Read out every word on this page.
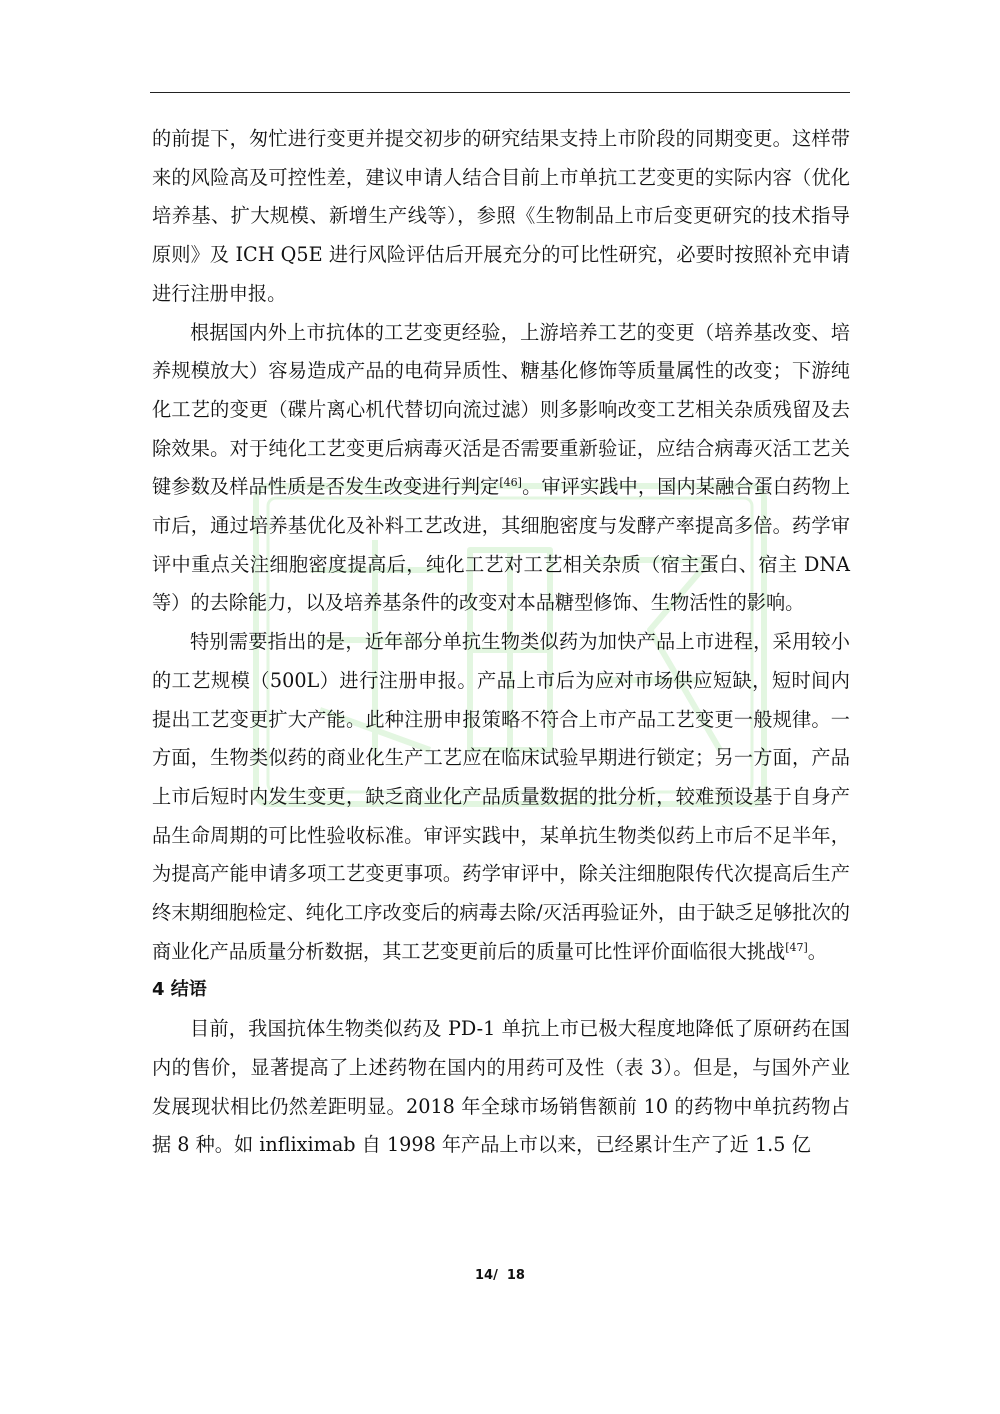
的前提下，匆忙进行变更并提交初步的研究结果支持上市阶段的同期变更。这样带来的风险高及可控性差，建议申请人结合目前上市单抗工艺变更的实际内容（优化培养基、扩大规模、新增生产线等），参照《生物制品上市后变更研究的技术指导原则》及 ICH Q5E 进行风险评估后开展充分的可比性研究，必要时按照补充申请进行注册申报。

根据国内外上市抗体的工艺变更经验，上游培养工艺的变更（培养基改变、培养规模放大）容易造成产品的电荷异质性、糖基化修饰等质量属性的改变；下游纯化工艺的变更（碟片离心机代替切向流过滤）则多影响改变工艺相关杂质残留及去除效果。对于纯化工艺变更后病毒灭活是否需要重新验证，应结合病毒灭活工艺关键参数及样品性质是否发生改变进行判定[46]。审评实践中，国内某融合蛋白药物上市后，通过培养基优化及补料工艺改进，其细胞密度与发酵产率提高多倍。药学审评中重点关注细胞密度提高后，纯化工艺对工艺相关杂质（宿主蛋白、宿主 DNA 等）的去除能力，以及培养基条件的改变对本品糖型修饰、生物活性的影响。

特别需要指出的是，近年部分单抗生物类似药为加快产品上市进程，采用较小的工艺规模（500L）进行注册申报。产品上市后为应对市场供应短缺，短时间内提出工艺变更扩大产能。此种注册申报策略不符合上市产品工艺变更一般规律。一方面，生物类似药的商业化生产工艺应在临床试验早期进行锁定；另一方面，产品上市后短时内发生变更，缺乏商业化产品质量数据的批分析，较难预设基于自身产品生命周期的可比性验收标准。审评实践中，某单抗生物类似药上市后不足半年，为提高产能申请多项工艺变更事项。药学审评中，除关注细胞限传代次提高后生产终末期细胞检定、纯化工序改变后的病毒去除/灭活再验证外，由于缺乏足够批次的商业化产品质量分析数据，其工艺变更前后的质量可比性评价面临很大挑战[47]。

4 结语

目前，我国抗体生物类似药及 PD-1 单抗上市已极大程度地降低了原研药在国内的售价，显著提高了上述药物在国内的用药可及性（表 3）。但是，与国外产业发展现状相比仍然差距明显。2018 年全球市场销售额前 10 的药物中单抗药物占据 8 种。如 infliximab 自 1998 年产品上市以来，已经累计生产了近 1.5 亿

14/  18
